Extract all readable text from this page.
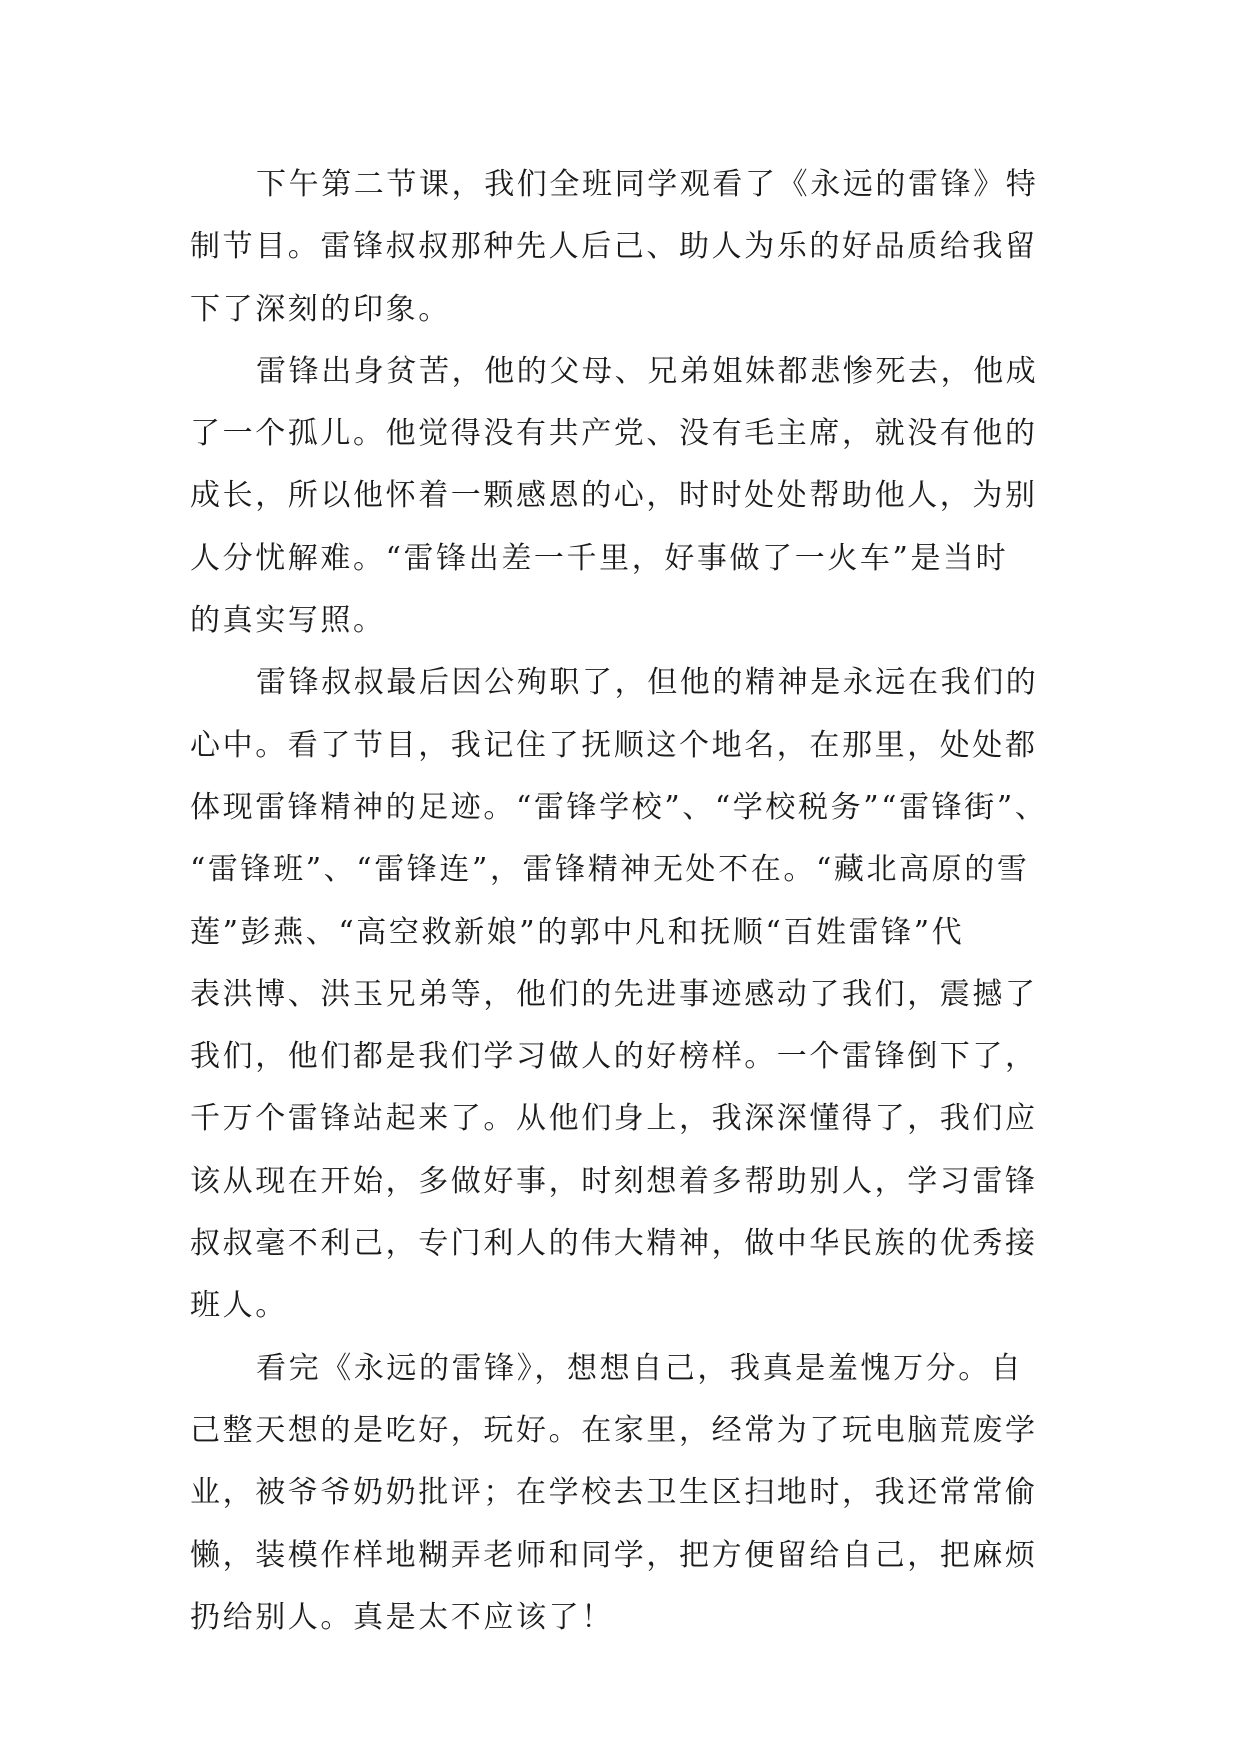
下午第二节课，我们全班同学观看了《永远的雷锋》特
制节目。雷锋叔叔那种先人后己、助人为乐的好品质给我留
下了深刻的印象。
雷锋出身贫苦，他的父母、兄弟姐妹都悲惨死去，他成
了一个孤儿。他觉得没有共产党、没有毛主席，就没有他的
成长，所以他怀着一颗感恩的心，时时处处帮助他人，为别
人分忧解难。“雷锋出差一千里，好事做了一火车”是当时
的真实写照。
雷锋叔叔最后因公殉职了，但他的精神是永远在我们的
心中。看了节目，我记住了抚顺这个地名，在那里，处处都
体现雷锋精神的足迹。“雷锋学校”、“学校税务”“雷锋街”、
“雷锋班”、“雷锋连”，雷锋精神无处不在。“藏北高原的雪
莲”彭燕、“高空救新娘”的郭中凡和抚顺“百姓雷锋”代
表洪博、洪玉兄弟等，他们的先进事迹感动了我们，震撼了
我们，他们都是我们学习做人的好榜样。一个雷锋倒下了，
千万个雷锋站起来了。从他们身上，我深深懂得了，我们应
该从现在开始，多做好事，时刻想着多帮助别人，学习雷锋
叔叔毫不利己，专门利人的伟大精神，做中华民族的优秀接
班人。
看完《永远的雷锋》，想想自己，我真是羞愧万分。自
己整天想的是吃好，玩好。在家里，经常为了玩电脑荒废学
业，被爷爷奶奶批评；在学校去卫生区扫地时，我还常常偷
懒，装模作样地糊弄老师和同学，把方便留给自己，把麻烦
扔给别人。真是太不应该了！
